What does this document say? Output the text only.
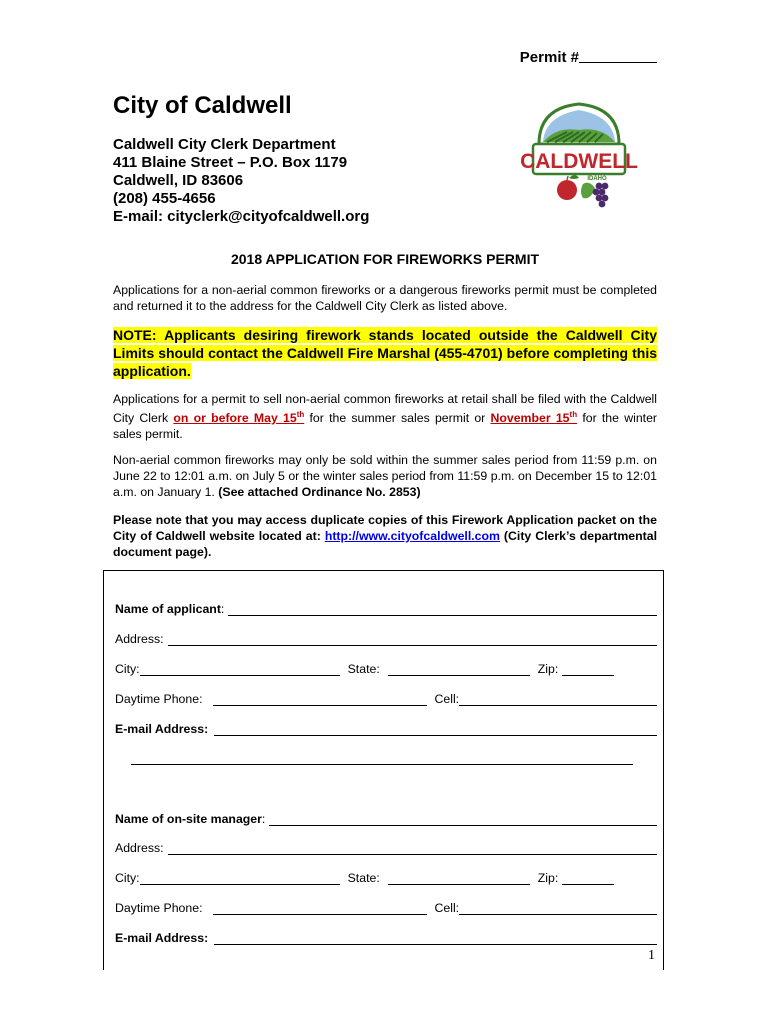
Permit #
City of Caldwell
Caldwell City Clerk Department
411 Blaine Street – P.O. Box 1179
Caldwell, ID 83606
(208) 455-4656
E-mail: cityclerk@cityofcaldwell.org
CALDWELL
IDAHO
2018 APPLICATION FOR FIREWORKS PERMIT
Applications for a non-aerial common fireworks or a dangerous fireworks permit must be completed and returned it to the address for the Caldwell City Clerk as listed above.
NOTE: Applicants desiring firework stands located outside the Caldwell City Limits should contact the Caldwell Fire Marshal (455-4701) before completing this application.
Applications for a permit to sell non-aerial common fireworks at retail shall be filed with the Caldwell City Clerk on or before May 15th for the summer sales permit or November 15th for the winter sales permit.
Non-aerial common fireworks may only be sold within the summer sales period from 11:59 p.m. on June 22 to 12:01 a.m. on July 5 or the winter sales period from 11:59 p.m. on December 15 to 12:01 a.m. on January 1. (See attached Ordinance No. 2853)
Please note that you may access duplicate copies of this Firework Application packet on the City of Caldwell website located at: http://www.cityofcaldwell.com (City Clerk’s departmental document page).
Name of applicant :
Address:
City:	State:	Zip:
Daytime Phone:	Cell:
E-mail Address:
Name of on-site manager :
Address:
City:	State:	Zip:
Daytime Phone:	Cell:
E-mail Address:
1
